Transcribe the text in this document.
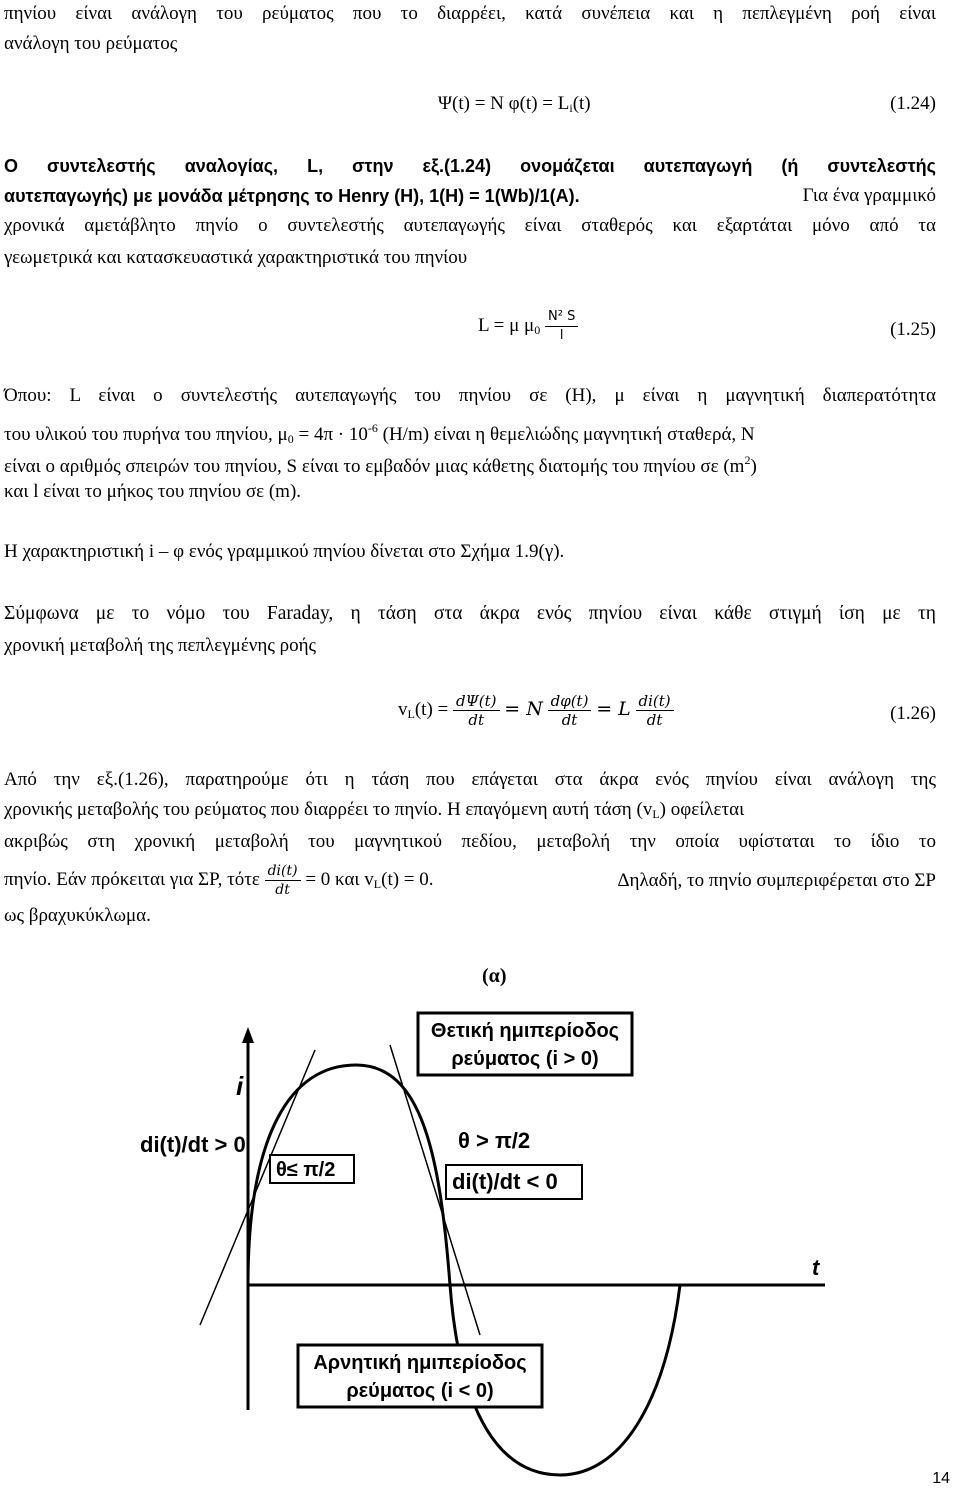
πηνίου είναι ανάλογη του ρεύματος που το διαρρέει, κατά συνέπεια και η πεπλεγμένη ροή είναι
ανάλογη του ρεύματος
Ψ(t) = N $\varphi(t) = L_i(t)$	(1.24)
Ο συντελεστής αναλογίας, L, στην εξ.(1.24) ονομάζεται αυτεπαγωγή (ή συντελεστής
αυτεπαγωγής) με μονάδα μέτρησης το Henry (H), 1(H) = 1(Wb)/1(A).	Για ένα γραμμικό
χρονικά αμετάβλητο πηνίο ο συντελεστής αυτεπαγωγής είναι σταθερός και εξαρτάται μόνο από τα
γεωμετρικά και κατασκευαστικά χαρακτηριστικά του πηνίου
L = μ $\mu_0 \frac{\text{N² S}}{l}$	(1.25)
Όπου: L είναι ο συντελεστής αυτεπαγωγής του πηνίου σε (H), μ είναι η μαγνητική διαπερατότητα
του υλικού του πυρήνα του πηνίου, $\mu_0 = 4\pi \cdot 10^{-6}$ (H/m) είναι η θεμελιώδης μαγνητική σταθερά, N
είναι ο αριθμός σπειρών του πηνίου, S είναι το εμβαδόν μιας κάθετης διατομής του πηνίου σε $(m^2)$
και l είναι το μήκος του πηνίου σε (m).
Η χαρακτηριστική i – φ ενός γραμμικού πηνίου δίνεται στο Σχήμα 1.9(γ).
Σύμφωνα με το νόμο του Faraday, η τάση στα άκρα ενός πηνίου είναι κάθε στιγμή ίση με τη
χρονική μεταβολή της πεπλεγμένης ροής
$v_L(t) = \frac{d\Psi(t)}{dt} = N \frac{d\varphi(t)}{dt} = L \frac{di(t)}{dt}$	(1.26)
Από την εξ.(1.26), παρατηρούμε ότι η τάση που επάγεται στα άκρα ενός πηνίου είναι ανάλογη της
χρονικής μεταβολής του ρεύματος που διαρρέει το πηνίο. Η επαγόμενη αυτή τάση $(v_L)$ οφείλεται
ακριβώς στη χρονική μεταβολή του μαγνητικού πεδίου, μεταβολή την οποία υφίσταται το ίδιο το
πηνίο. Εάν πρόκειται για ΣΡ, τότε $\frac{di(t)}{dt} = 0$ και $v_L(t) = 0$.	Δηλαδή, το πηνίο συμπεριφέρεται στο ΣΡ
ως βραχυκύκλωμα.
(α)
Θετική ημιπερίοδος
ρεύματος (i > 0)
i
t
di(t)/dt > 0
θ≤ π/2
θ > π/2
di(t)/dt < 0
Αρνητική ημιπερίοδος
ρεύματος (i < 0)
14
